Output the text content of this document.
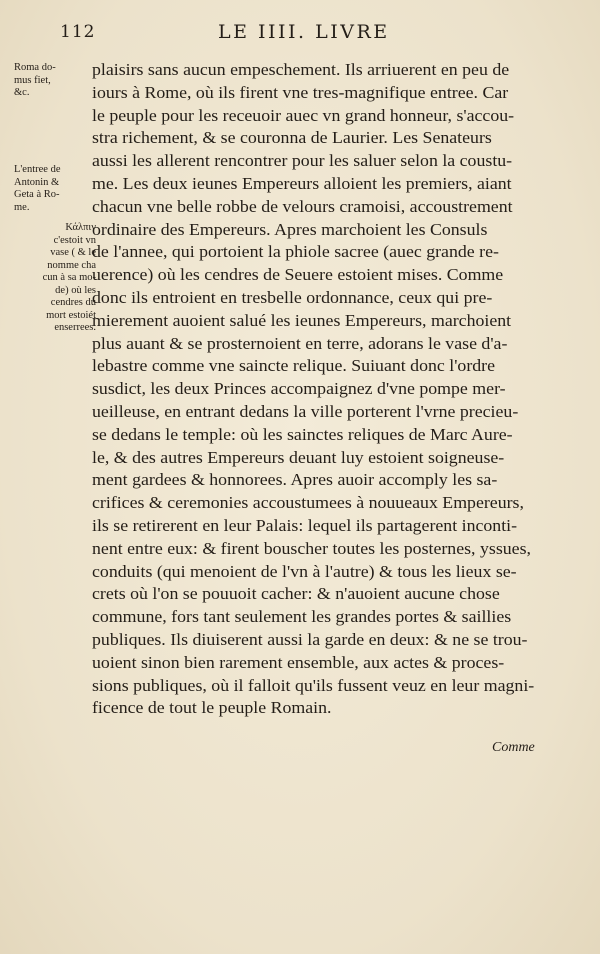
112	LE IIII. LIVRE
Roma do-
mus fiet,
&c.
L'entree de
Antonin &
Geta à Ro-
me.
Κάλπιν
c'estoit vn
vase ( & le
nomme cha
cun à sa mo-
de) où les
cendres du
mort estoiét
enserrees.
plaisirs sans aucun empeschement. Ils arriuerent en peu de
iours à Rome, où ils firent vne tres-magnifique entree. Car
le peuple pour les receuoir auec vn grand honneur, s'accou-
stra richement, & se couronna de Laurier. Les Senateurs
aussi les allerent rencontrer pour les saluer selon la coustu-
me. Les deux ieunes Empereurs alloient les premiers, aiant
chacun vne belle robbe de velours cramoisi, accoustrement
ordinaire des Empereurs. Apres marchoient les Consuls
de l'annee, qui portoient la phiole sacree (auec grande re-
uerence) où les cendres de Seuere estoient mises. Comme
donc ils entroient en tresbelle ordonnance, ceux qui pre-
mierement auoient salué les ieunes Empereurs, marchoient
plus auant & se prosternoient en terre, adorans le vase d'a-
lebastre comme vne saincte relique. Suiuant donc l'ordre
susdict, les deux Princes accompaignez d'vne pompe mer-
ueilleuse, en entrant dedans la ville porterent l'vrne precieu-
se dedans le temple: où les sainctes reliques de Marc Aure-
le, & des autres Empereurs deuant luy estoient soigneuse-
ment gardees & honnorees. Apres auoir accomply les sa-
crifices & ceremonies accoustumees à nouueaux Empereurs,
ils se retirerent en leur Palais: lequel ils partagerent inconti-
nent entre eux: & firent bouscher toutes les posternes, yssues,
conduits (qui menoient de l'vn à l'autre) & tous les lieux se-
crets où l'on se pouuoit cacher: & n'auoient aucune chose
commune, fors tant seulement les grandes portes & saillies
publiques. Ils diuiserent aussi la garde en deux: & ne se trou-
uoient sinon bien rarement ensemble, aux actes & proces-
sions publiques, où il falloit qu'ils fussent veuz en leur magni-
ficence de tout le peuple Romain.
Comme
